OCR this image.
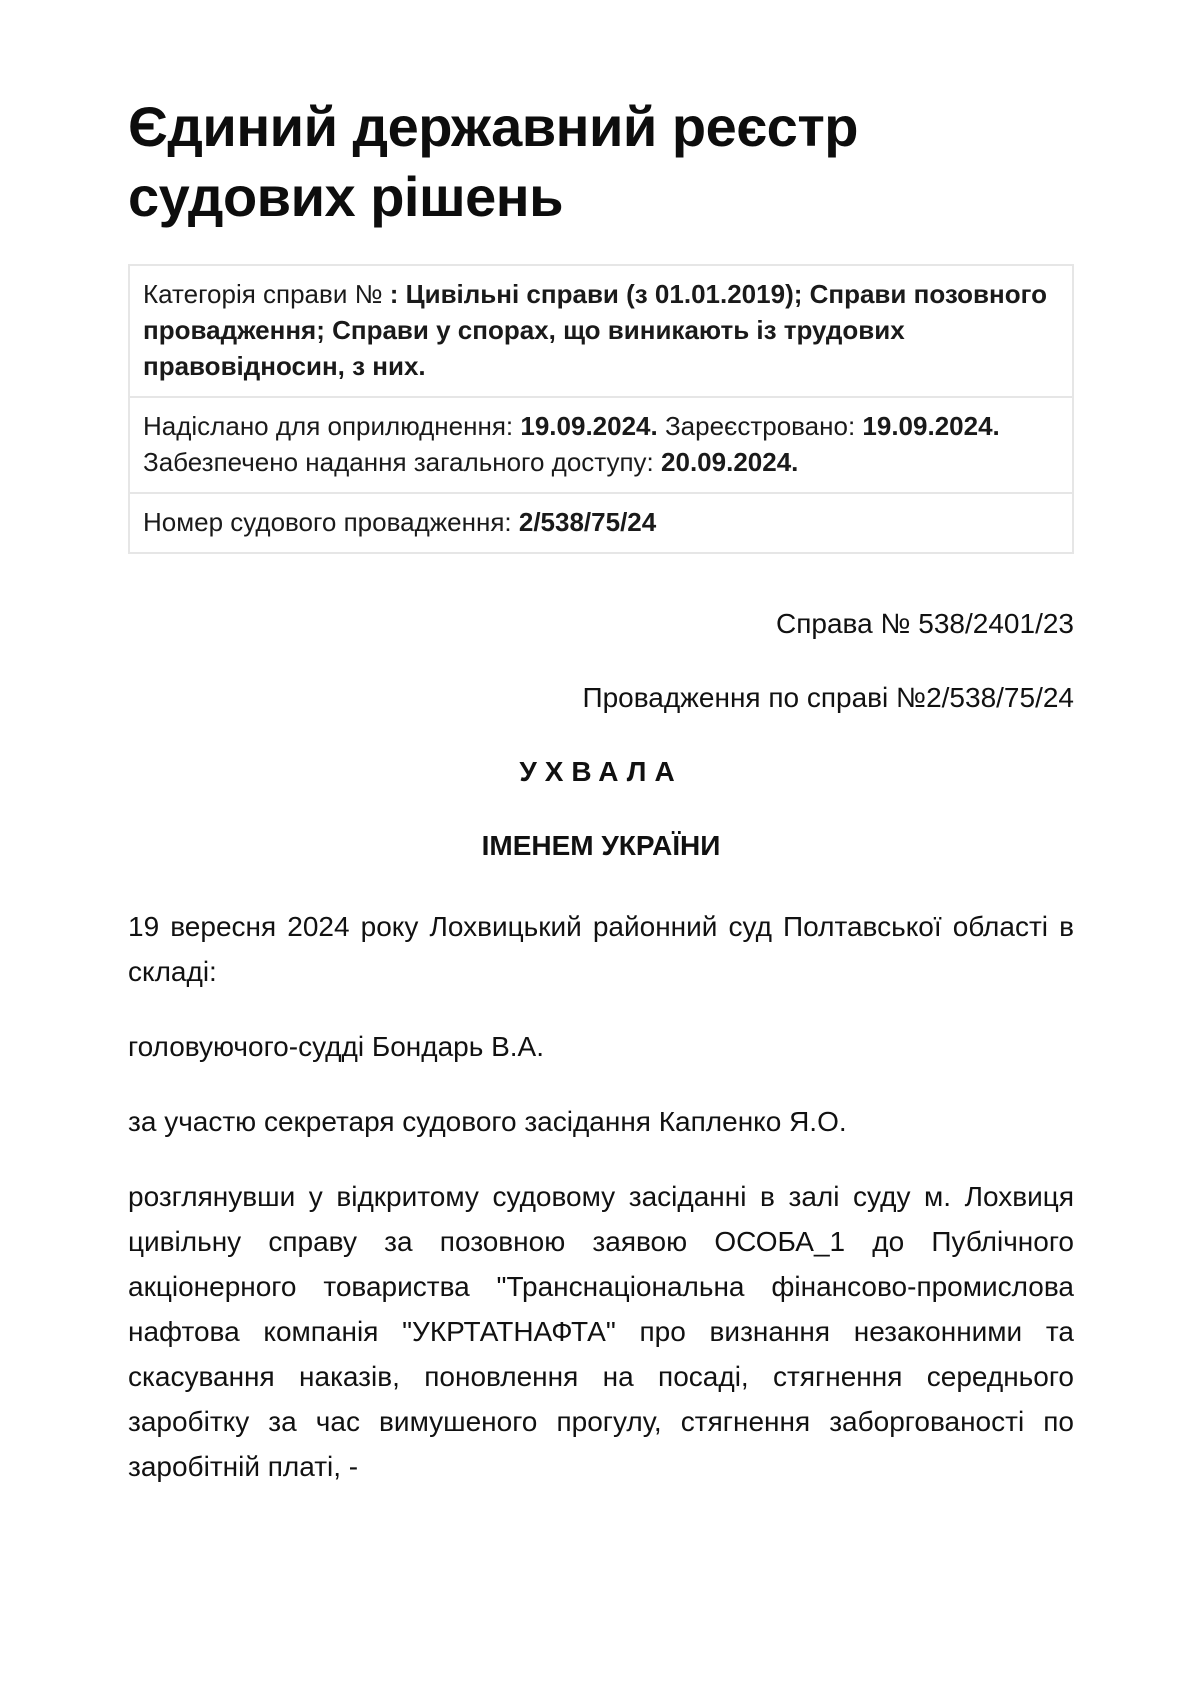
Єдиний державний реєстр
судових рішень
Категорія справи № : Цивільні справи (з 01.01.2019); Справи позовного провадження; Справи у спорах, що виникають із трудових правовідносин, з них.
Надіслано для оприлюднення: 19.09.2024. Зареєстровано: 19.09.2024. Забезпечено надання загального доступу: 20.09.2024.
Номер судового провадження: 2/538/75/24
Справа № 538/2401/23
Провадження по справі №2/538/75/24
УХВАЛА
ІМЕНЕМ УКРАЇНИ

19 вересня 2024 року Лохвицький районний суд Полтавської області в складі:

головуючого-судді Бондарь В.А.

за участю секретаря судового засідання Капленко Я.О.

розглянувши у відкритому судовому засіданні в залі суду м. Лохвиця цивільну справу за позовною заявою ОСОБА_1 до Публічного акціонерного товариства "Транснаціональна фінансово-промислова нафтова компанія "УКРТАТНАФТА" про визнання незаконними та скасування наказів, поновлення на посаді, стягнення середнього заробітку за час вимушеного прогулу, стягнення заборгованості по заробітній платі, -
